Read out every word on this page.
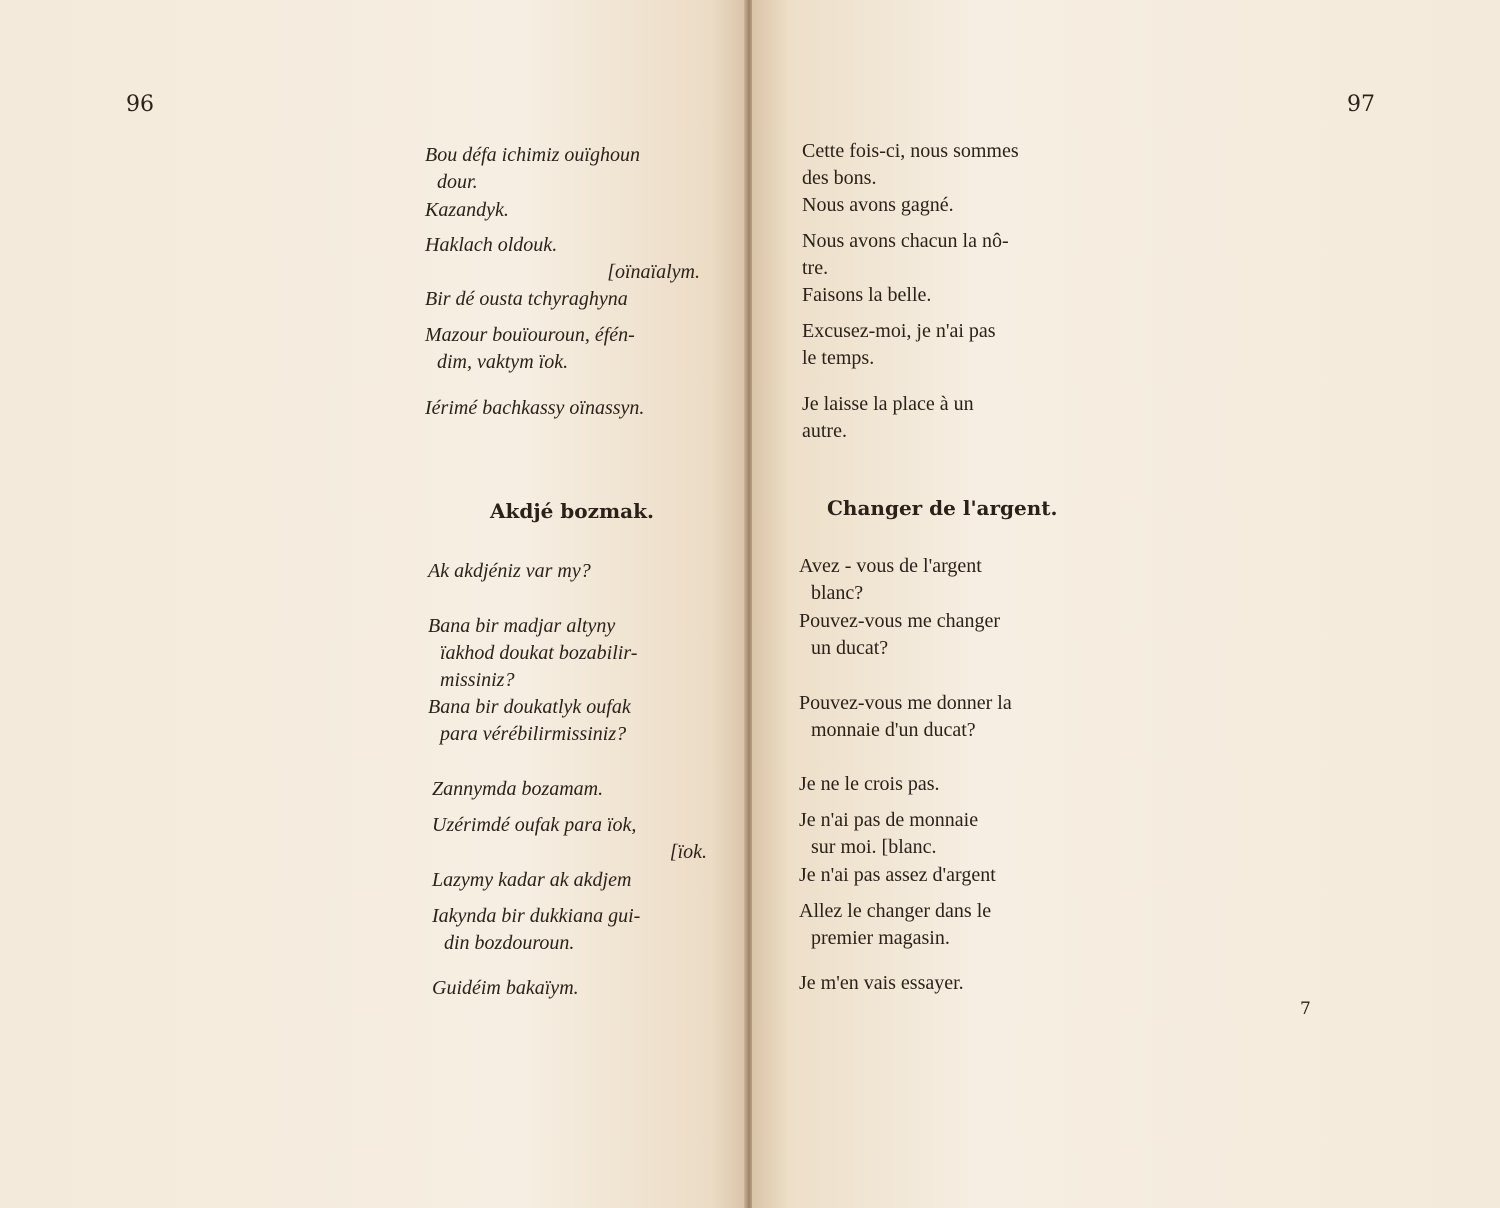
96
Bou défa ichimiz ouïghoun
dour.
Kazandyk.
Haklach oldouk.
[oïnaïalym.
Bir dé ousta tchyraghyna
Mazour bouïouroun, éfén-
dim, vaktym ïok.
Iérimé bachkassy oïnassyn.
Akdjé bozmak.
Ak akdjéniz var my?
Bana bir madjar altyny
ïakhod doukat bozabilir-
missiniz?
Bana bir doukatlyk oufak
para vérébilirmissiniz?
Zannymda bozamam.
Uzérimdé oufak para ïok,
[ïok.
Lazymy kadar ak akdjem
Iakynda bir dukkiana gui-
din bozdouroun.
Guidéim bakaïym.
97
Cette fois-ci, nous sommes
des bons.
Nous avons gagné.
Nous avons chacun la nô-
tre.
Faisons la belle.
Excusez-moi, je n'ai pas
le temps.
Je laisse la place à un
autre.
Changer de l'argent.
Avez - vous de l'argent
blanc?
Pouvez-vous me changer
un ducat?
Pouvez-vous me donner la
monnaie d'un ducat?
Je ne le crois pas.
Je n'ai pas de monnaie
sur moi. [blanc.
Je n'ai pas assez d'argent
Allez le changer dans le
premier magasin.
Je m'en vais essayer.
7
